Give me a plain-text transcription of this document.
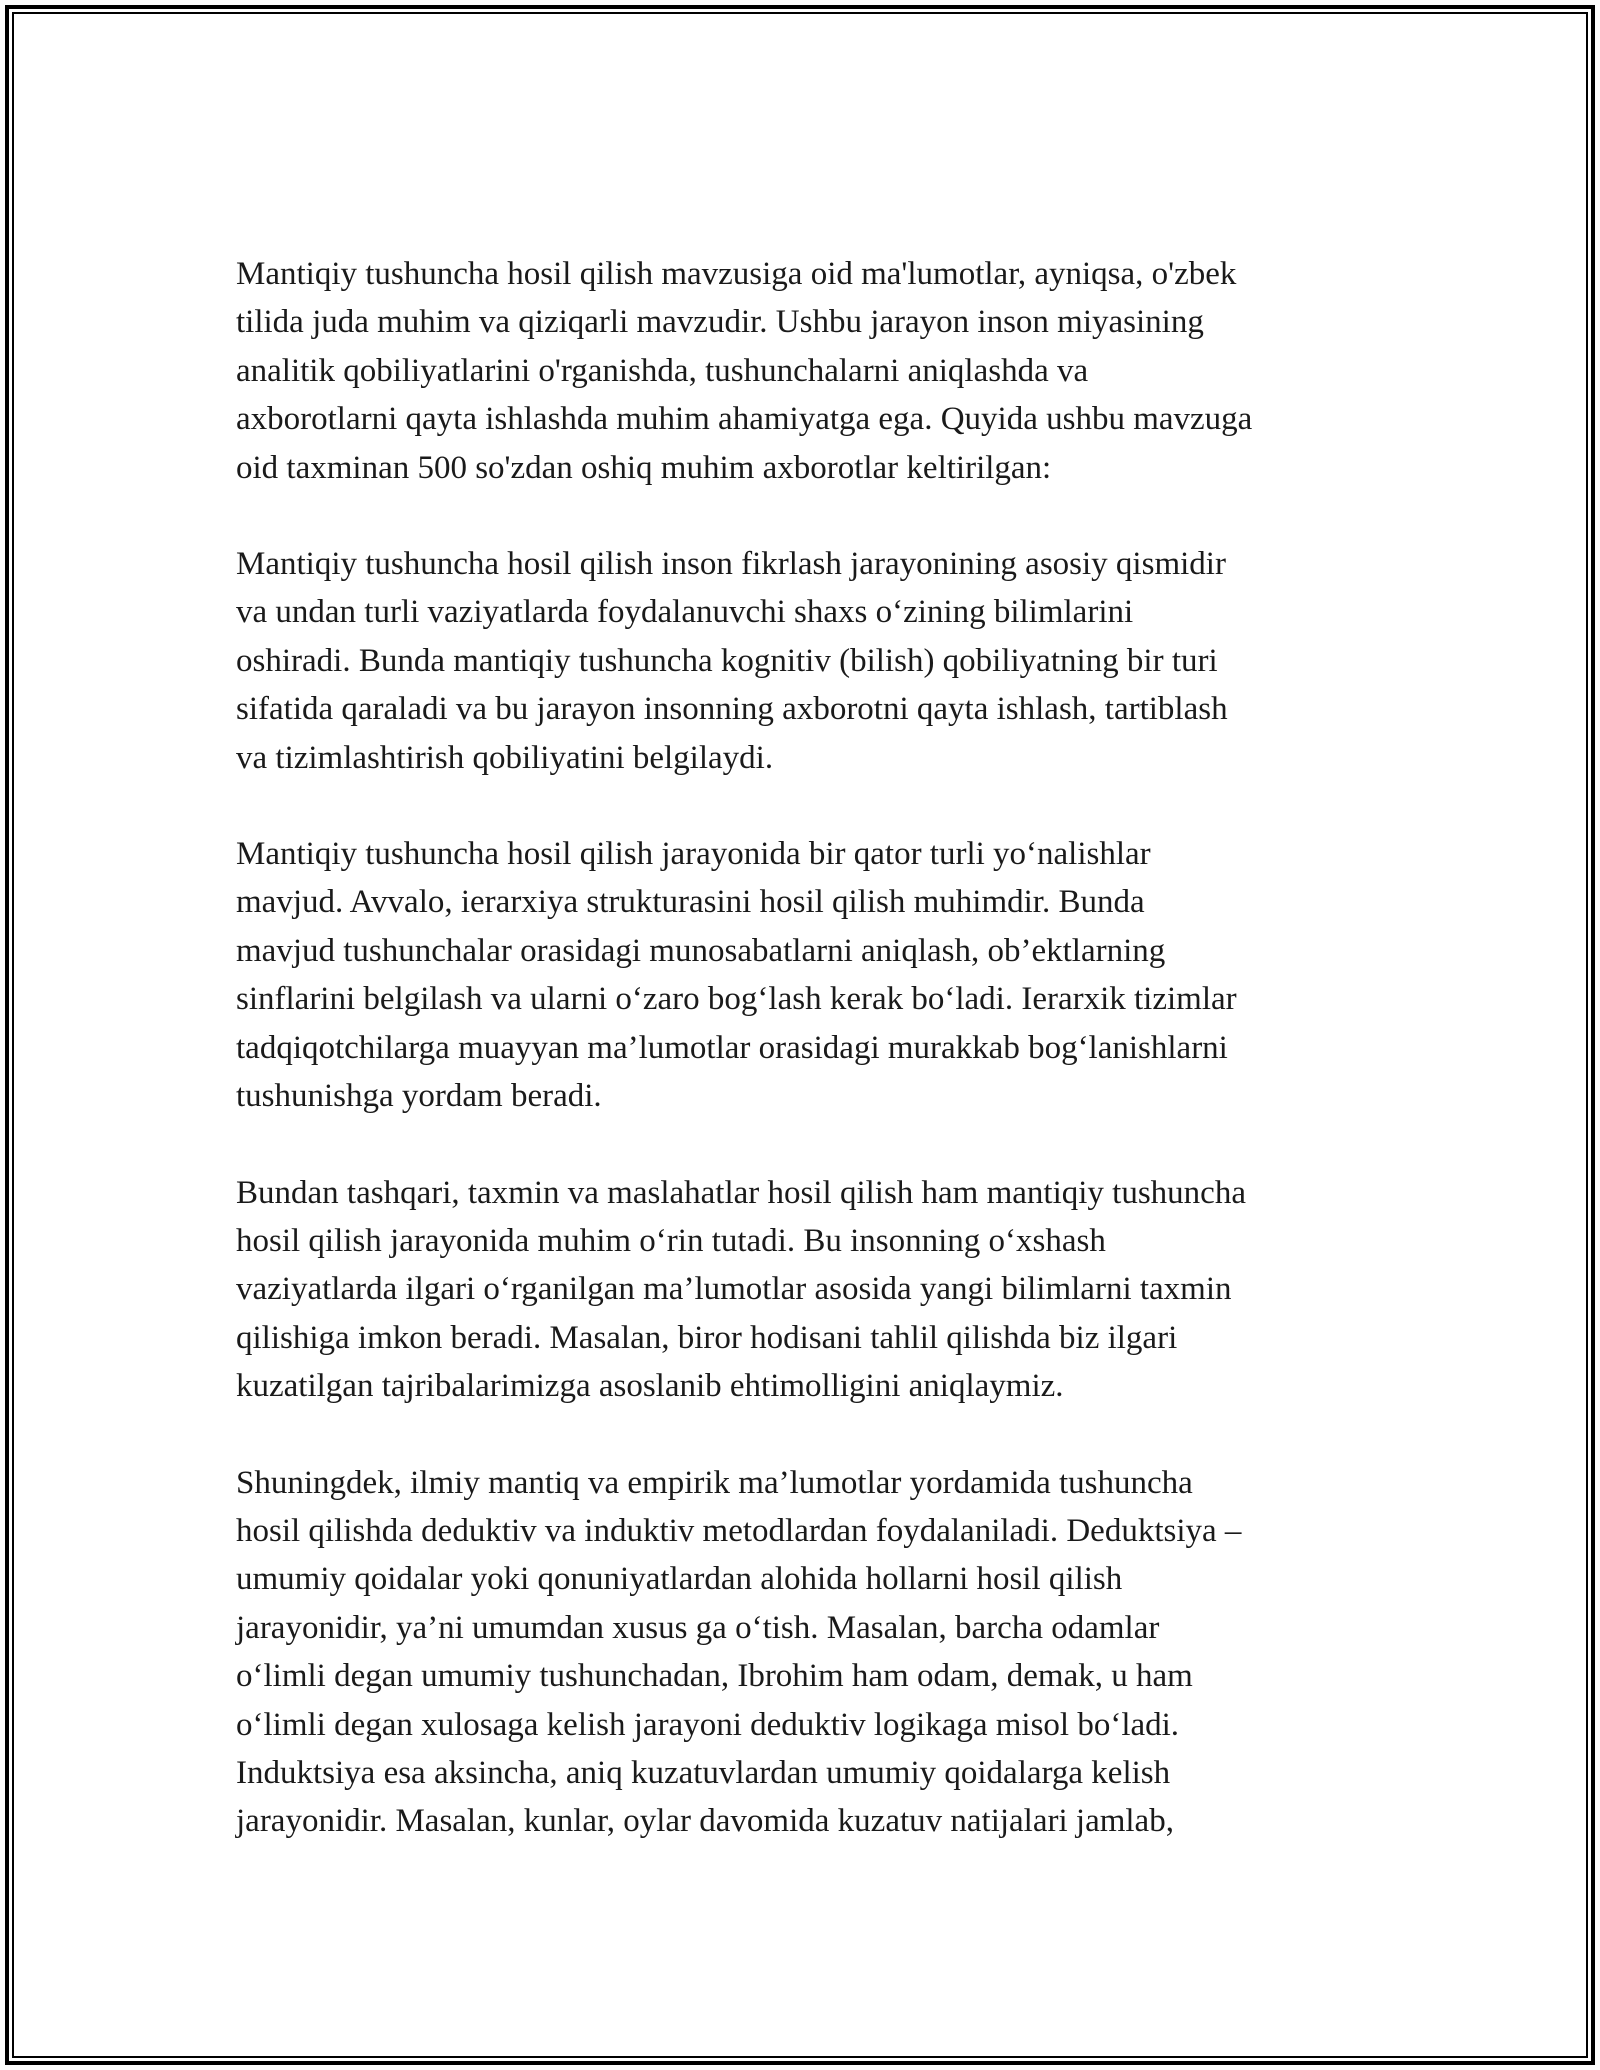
Mantiqiy tushuncha hosil qilish mavzusiga oid ma'lumotlar, ayniqsa, o'zbek
tilida juda muhim va qiziqarli mavzudir. Ushbu jarayon inson miyasining
analitik qobiliyatlarini o'rganishda, tushunchalarni aniqlashda va
axborotlarni qayta ishlashda muhim ahamiyatga ega. Quyida ushbu mavzuga
oid taxminan 500 so'zdan oshiq muhim axborotlar keltirilgan:

Mantiqiy tushuncha hosil qilish inson fikrlash jarayonining asosiy qismidir
va undan turli vaziyatlarda foydalanuvchi shaxs o‘zining bilimlarini
oshiradi. Bunda mantiqiy tushuncha kognitiv (bilish) qobiliyatning bir turi
sifatida qaraladi va bu jarayon insonning axborotni qayta ishlash, tartiblash
va tizimlashtirish qobiliyatini belgilaydi.

Mantiqiy tushuncha hosil qilish jarayonida bir qator turli yo‘nalishlar
mavjud. Avvalo, ierarxiya strukturasini hosil qilish muhimdir. Bunda
mavjud tushunchalar orasidagi munosabatlarni aniqlash, ob’ektlarning
sinflarini belgilash va ularni o‘zaro bog‘lash kerak bo‘ladi. Ierarxik tizimlar
tadqiqotchilarga muayyan ma’lumotlar orasidagi murakkab bog‘lanishlarni
tushunishga yordam beradi.

Bundan tashqari, taxmin va maslahatlar hosil qilish ham mantiqiy tushuncha
hosil qilish jarayonida muhim o‘rin tutadi. Bu insonning o‘xshash
vaziyatlarda ilgari o‘rganilgan ma’lumotlar asosida yangi bilimlarni taxmin
qilishiga imkon beradi. Masalan, biror hodisani tahlil qilishda biz ilgari
kuzatilgan tajribalarimizga asoslanib ehtimolligini aniqlaymiz.

Shuningdek, ilmiy mantiq va empirik ma’lumotlar yordamida tushuncha
hosil qilishda deduktiv va induktiv metodlardan foydalaniladi. Deduktsiya –
umumiy qoidalar yoki qonuniyatlardan alohida hollarni hosil qilish
jarayonidir, ya’ni umumdan xusus ga o‘tish. Masalan, barcha odamlar
o‘limli degan umumiy tushunchadan, Ibrohim ham odam, demak, u ham
o‘limli degan xulosaga kelish jarayoni deduktiv logikaga misol bo‘ladi.
Induktsiya esa aksincha, aniq kuzatuvlardan umumiy qoidalarga kelish
jarayonidir. Masalan, kunlar, oylar davomida kuzatuv natijalari jamlab,
